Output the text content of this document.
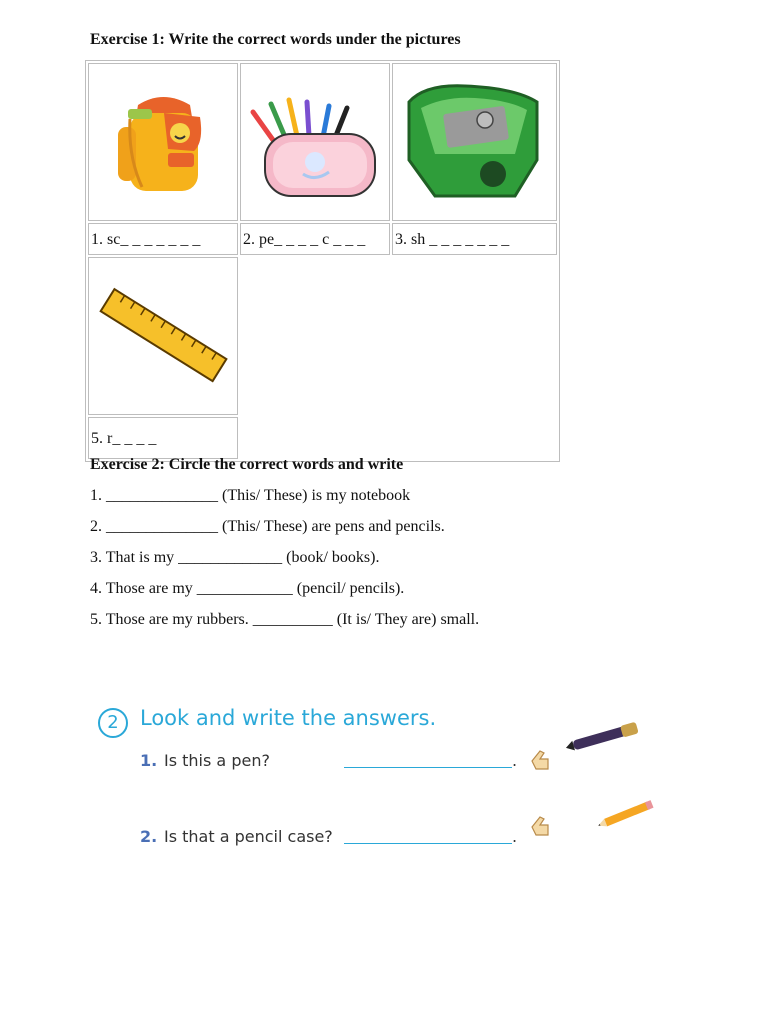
Exercise 1: Write the correct words under the pictures
1. sc_ _ _ _ _ _ _	2. pe_ _ _ _ c _ _ _	3. sh _ _ _ _ _ _ _
5. r_ _ _ _
Exercise 2: Circle the correct words and write
1. ______________ (This/ These) is my notebook
2. ______________ (This/ These) are pens and pencils.
3. That is my _____________ (book/ books).
4. Those are my ____________ (pencil/ pencils).
5. Those are my rubbers. __________ (It is/ They are) small.
2	Look and write the answers.
1. Is this a pen?	.
2. Is that a pencil case?	.
